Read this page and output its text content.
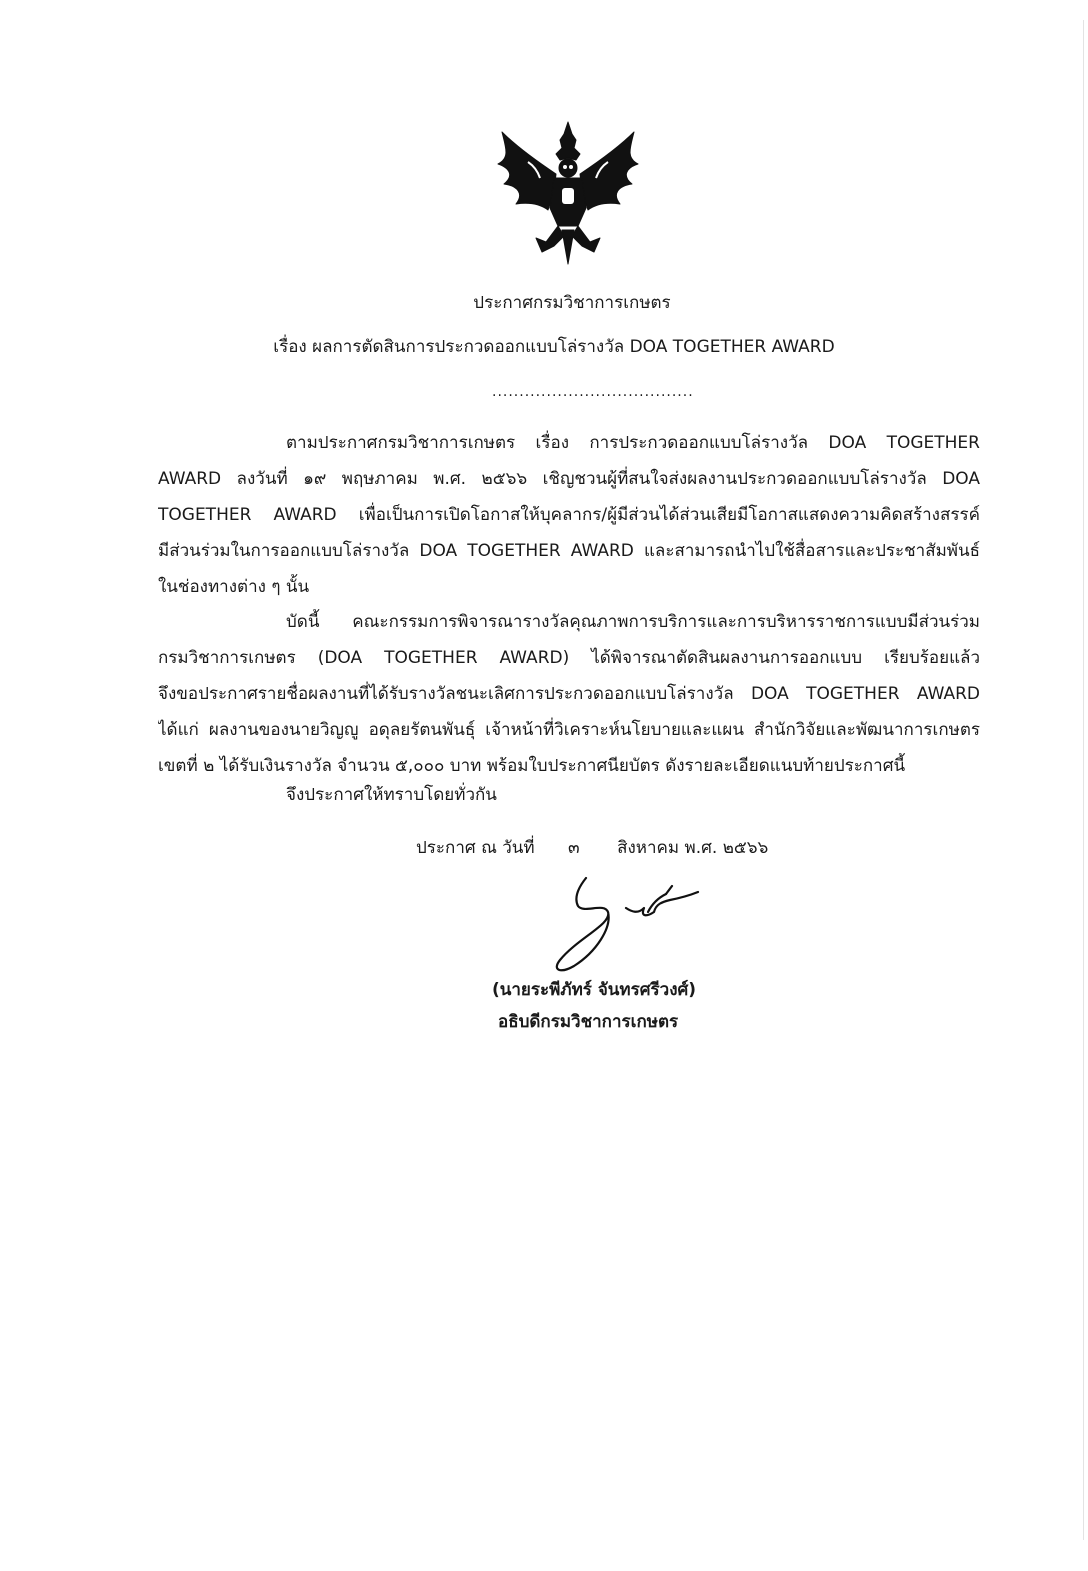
ประกาศกรมวิชาการเกษตร
เรื่อง ผลการตัดสินการประกวดออกแบบโล่รางวัล DOA TOGETHER AWARD
.....................................
ตามประกาศกรมวิชาการเกษตร เรื่อง การประกวดออกแบบโล่รางวัล DOA TOGETHER
AWARD ลงวันที่ ๑๙ พฤษภาคม พ.ศ. ๒๕๖๖ เชิญชวนผู้ที่สนใจส่งผลงานประกวดออกแบบโล่รางวัล DOA
TOGETHER AWARD เพื่อเป็นการเปิดโอกาสให้บุคลากร/ผู้มีส่วนได้ส่วนเสียมีโอกาสแสดงความคิดสร้างสรรค์
มีส่วนร่วมในการออกแบบโล่รางวัล DOA TOGETHER AWARD และสามารถนำไปใช้สื่อสารและประชาสัมพันธ์
ในช่องทางต่าง ๆ นั้น
บัดนี้ คณะกรรมการพิจารณารางวัลคุณภาพการบริการและการบริหารราชการแบบมีส่วนร่วม
กรมวิชาการเกษตร (DOA TOGETHER AWARD) ได้พิจารณาตัดสินผลงานการออกแบบ เรียบร้อยแล้ว
จึงขอประกาศรายชื่อผลงานที่ได้รับรางวัลชนะเลิศการประกวดออกแบบโล่รางวัล DOA TOGETHER AWARD
ได้แก่ ผลงานของนายวิญญู อดุลยรัตนพันธุ์ เจ้าหน้าที่วิเคราะห์นโยบายและแผน สำนักวิจัยและพัฒนาการเกษตร
เขตที่ ๒ ได้รับเงินรางวัล จำนวน ๕,๐๐๐ บาท พร้อมใบประกาศนียบัตร ดังรายละเอียดแนบท้ายประกาศนี้
จึงประกาศให้ทราบโดยทั่วกัน
ประกาศ ณ วันที่ ๓ สิงหาคม พ.ศ. ๒๕๖๖
(นายระพีภัทร์ จันทรศรีวงศ์)
อธิบดีกรมวิชาการเกษตร
